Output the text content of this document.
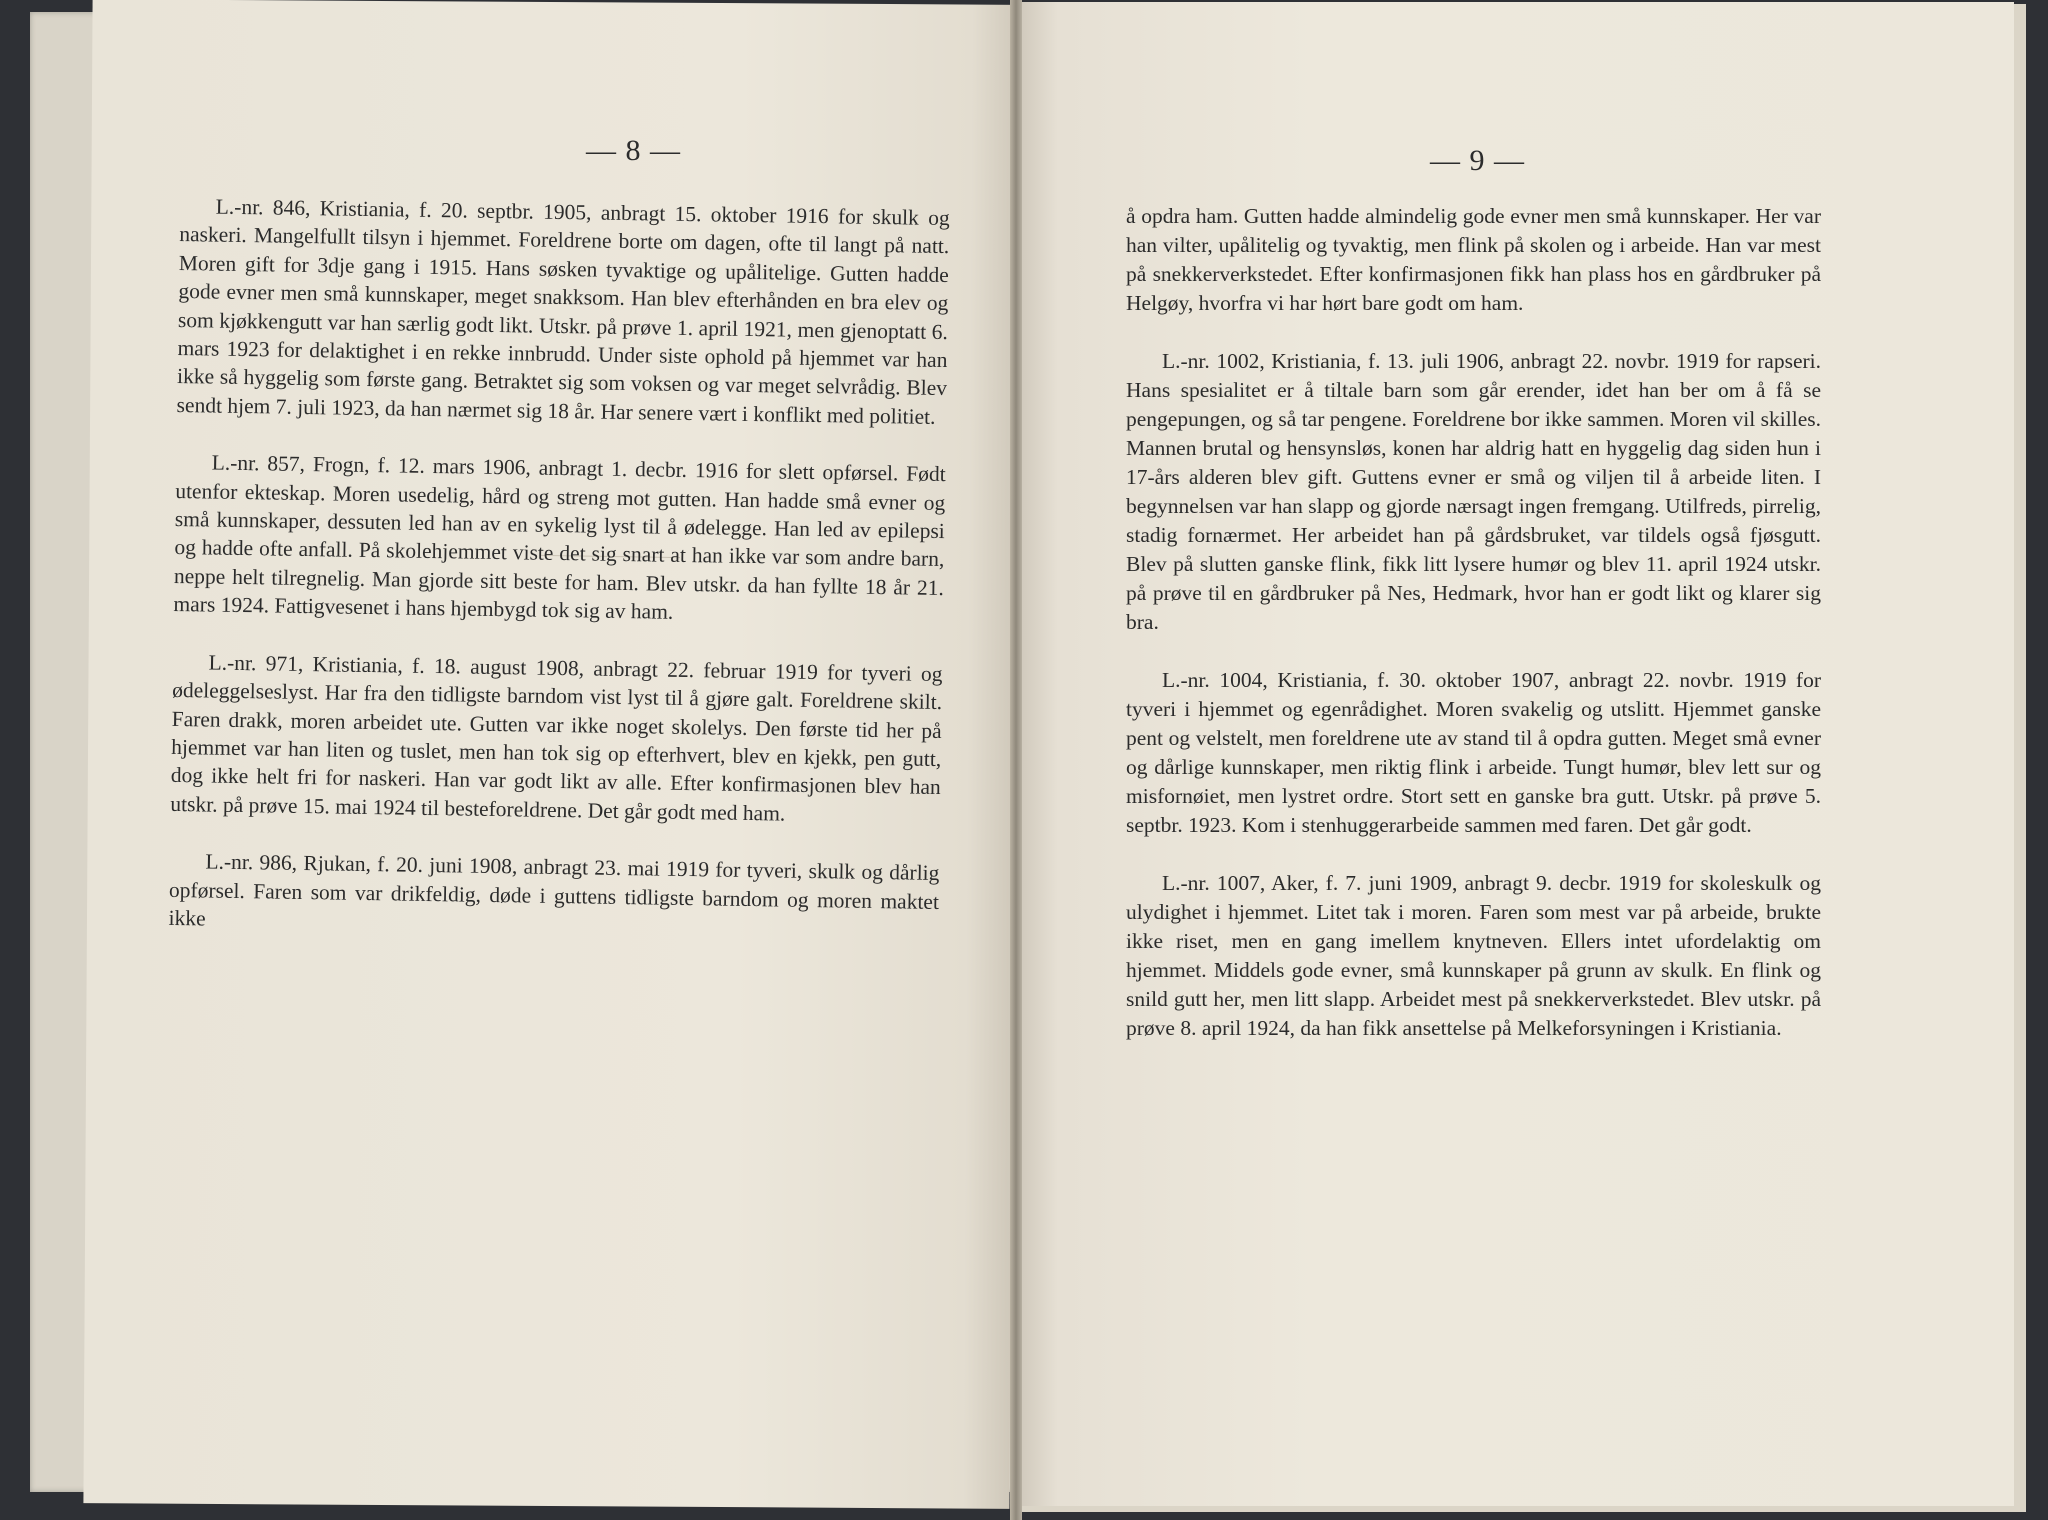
— 8 —	— 9 —

L.-nr. 846, Kristiania, f. 20. septbr. 1905, anbragt 15. oktober 1916 for skulk og naskeri. Mangelfullt tilsyn i hjemmet. Foreldrene borte om dagen, ofte til langt på natt. Moren gift for 3dje gang i 1915. Hans søsken tyvaktige og upålitelige. Gutten hadde gode evner men små kunnskaper, meget snakksom. Han blev efterhånden en bra elev og som kjøkkengutt var han særlig godt likt. Utskr. på prøve 1. april 1921, men gjenoptatt 6. mars 1923 for delaktighet i en rekke innbrudd. Under siste ophold på hjemmet var han ikke så hyggelig som første gang. Betraktet sig som voksen og var meget selvrådig. Blev sendt hjem 7. juli 1923, da han nærmet sig 18 år. Har senere vært i konflikt med politiet.

L.-nr. 857, Frogn, f. 12. mars 1906, anbragt 1. decbr. 1916 for slett opførsel. Født utenfor ekteskap. Moren usedelig, hård og streng mot gutten. Han hadde små evner og små kunnskaper, dessuten led han av en sykelig lyst til å ødelegge. Han led av epilepsi og hadde ofte anfall. På skolehjemmet viste det sig snart at han ikke var som andre barn, neppe helt tilregnelig. Man gjorde sitt beste for ham. Blev utskr. da han fyllte 18 år 21. mars 1924. Fattigvesenet i hans hjembygd tok sig av ham.

L.-nr. 971, Kristiania, f. 18. august 1908, anbragt 22. februar 1919 for tyveri og ødeleggelseslyst. Har fra den tidligste barndom vist lyst til å gjøre galt. Foreldrene skilt. Faren drakk, moren arbeidet ute. Gutten var ikke noget skolelys. Den første tid her på hjemmet var han liten og tuslet, men han tok sig op efterhvert, blev en kjekk, pen gutt, dog ikke helt fri for naskeri. Han var godt likt av alle. Efter konfirmasjonen blev han utskr. på prøve 15. mai 1924 til besteforeldrene. Det går godt med ham.

L.-nr. 986, Rjukan, f. 20. juni 1908, anbragt 23. mai 1919 for tyveri, skulk og dårlig opførsel. Faren som var drikfeldig, døde i guttens tidligste barndom og moren maktet ikke

å opdra ham. Gutten hadde almindelig gode evner men små kunnskaper. Her var han vilter, upålitelig og tyvaktig, men flink på skolen og i arbeide. Han var mest på snekkerverkstedet. Efter konfirmasjonen fikk han plass hos en gårdbruker på Helgøy, hvorfra vi har hørt bare godt om ham.

L.-nr. 1002, Kristiania, f. 13. juli 1906, anbragt 22. novbr. 1919 for rapseri. Hans spesialitet er å tiltale barn som går erender, idet han ber om å få se pengepungen, og så tar pengene. Foreldrene bor ikke sammen. Moren vil skilles. Mannen brutal og hensynsløs, konen har aldrig hatt en hyggelig dag siden hun i 17-års alderen blev gift. Guttens evner er små og viljen til å arbeide liten. I begynnelsen var han slapp og gjorde nærsagt ingen fremgang. Utilfreds, pirrelig, stadig fornærmet. Her arbeidet han på gårdsbruket, var tildels også fjøsgutt. Blev på slutten ganske flink, fikk litt lysere humør og blev 11. april 1924 utskr. på prøve til en gårdbruker på Nes, Hedmark, hvor han er godt likt og klarer sig bra.

L.-nr. 1004, Kristiania, f. 30. oktober 1907, anbragt 22. novbr. 1919 for tyveri i hjemmet og egenrådighet. Moren svakelig og utslitt. Hjemmet ganske pent og velstelt, men foreldrene ute av stand til å opdra gutten. Meget små evner og dårlige kunnskaper, men riktig flink i arbeide. Tungt humør, blev lett sur og misfornøiet, men lystret ordre. Stort sett en ganske bra gutt. Utskr. på prøve 5. septbr. 1923. Kom i stenhuggerarbeide sammen med faren. Det går godt.

L.-nr. 1007, Aker, f. 7. juni 1909, anbragt 9. decbr. 1919 for skoleskulk og ulydighet i hjemmet. Litet tak i moren. Faren som mest var på arbeide, brukte ikke riset, men en gang imellem knytneven. Ellers intet ufordelaktig om hjemmet. Middels gode evner, små kunnskaper på grunn av skulk. En flink og snild gutt her, men litt slapp. Arbeidet mest på snekkerverkstedet. Blev utskr. på prøve 8. april 1924, da han fikk ansettelse på Melkeforsyningen i Kristiania.
